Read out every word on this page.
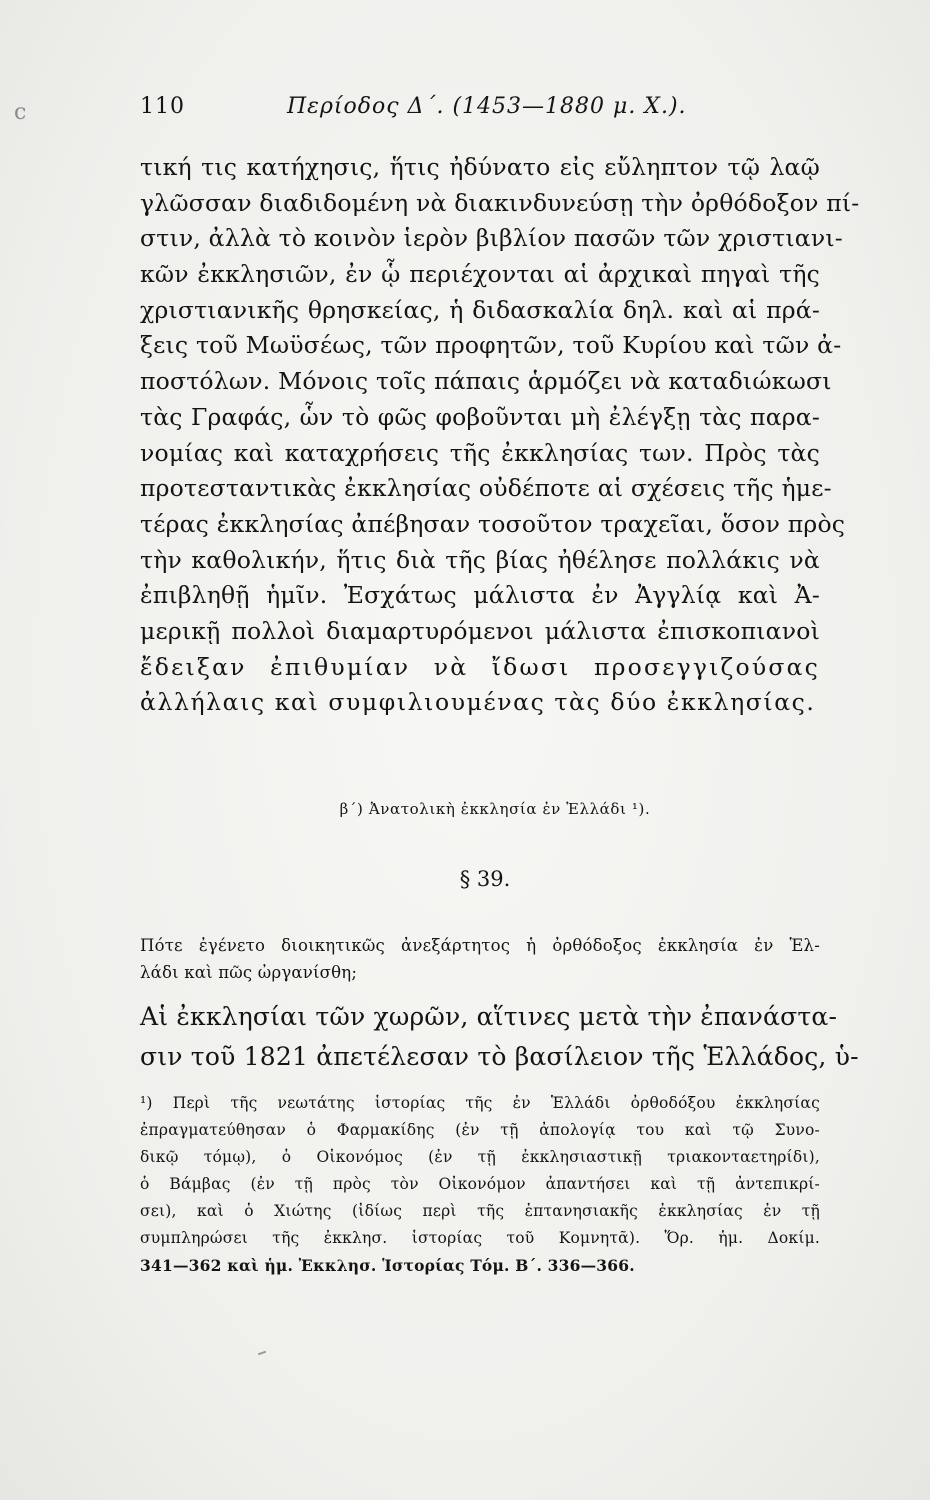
c	110	Περίοδος Δ΄. (1453—1880 μ. Χ.).
τική τις κατήχησις, ἥτις ἠδύνατο εἰς εὔληπτον τῷ λαῷ
γλῶσσαν διαδιδομένη νὰ διακινδυνεύσῃ τὴν ὀρθόδοξον πί-
στιν, ἀλλὰ τὸ κοινὸν ἱερὸν βιβλίον πασῶν τῶν χριστιανι-
κῶν ἐκκλησιῶν, ἐν ᾧ περιέχονται αἱ ἀρχικαὶ πηγαὶ τῆς
χριστιανικῆς θρησκείας, ἡ διδασκαλία δηλ. καὶ αἱ πρά-
ξεις τοῦ Μωϋσέως, τῶν προφητῶν, τοῦ Κυρίου καὶ τῶν ἀ-
ποστόλων. Μόνοις τοῖς πάπαις ἁρμόζει νὰ καταδιώκωσι
τὰς Γραφάς, ὧν τὸ φῶς φοβοῦνται μὴ ἐλέγξῃ τὰς παρα-
νομίας καὶ καταχρήσεις τῆς ἐκκλησίας των. Πρὸς τὰς
προτεσταντικὰς ἐκκλησίας οὐδέποτε αἱ σχέσεις τῆς ἡμε-
τέρας ἐκκλησίας ἀπέβησαν τοσοῦτον τραχεῖαι, ὅσον πρὸς
τὴν καθολικήν, ἥτις διὰ τῆς βίας ἠθέλησε πολλάκις νὰ
ἐπιβληθῇ ἡμῖν. Ἐσχάτως μάλιστα ἐν Ἀγγλίᾳ καὶ Ἀ-
μερικῇ πολλοὶ διαμαρτυρόμενοι μάλιστα ἐπισκοπιανοὶ
ἔδειξαν ἐπιθυμίαν νὰ ἴδωσι προσεγγιζούσας
ἀλλήλαις καὶ συμφιλιουμένας τὰς δύο ἐκκλησίας.
β΄) Ἀνατολικὴ ἐκκλησία ἐν Ἑλλάδι ¹).
§ 39.
Πότε ἐγένετο διοικητικῶς ἀνεξάρτητος ἡ ὀρθόδοξος ἐκκλησία ἐν Ἑλ-
λάδι καὶ πῶς ὠργανίσθη;
Αἱ ἐκκλησίαι τῶν χωρῶν, αἵτινες μετὰ τὴν ἐπανάστα-
σιν τοῦ 1821 ἀπετέλεσαν τὸ βασίλειον τῆς Ἑλλάδος, ὑ-
¹) Περὶ τῆς νεωτάτης ἱστορίας τῆς ἐν Ἑλλάδι ὀρθοδόξου ἐκκλησίας
ἐπραγματεύθησαν ὁ Φαρμακίδης (ἐν τῇ ἀπολογίᾳ του καὶ τῷ Συνο-
δικῷ τόμῳ), ὁ Οἰκονόμος (ἐν τῇ ἐκκλησιαστικῇ τριακονταετηρίδι),
ὁ Βάμβας (ἐν τῇ πρὸς τὸν Οἰκονόμον ἀπαντήσει καὶ τῇ ἀντεπικρί-
σει), καὶ ὁ Χιώτης (ἰδίως περὶ τῆς ἑπτανησιακῆς ἐκκλησίας ἐν τῇ
συμπληρώσει τῆς ἐκκλησ. ἱστορίας τοῦ Κομνητᾶ). Ὅρ. ἡμ. Δοκίμ.
341—362 καὶ ἡμ. Ἐκκλησ. Ἱστορίας Τόμ. Β΄. 336—366.
